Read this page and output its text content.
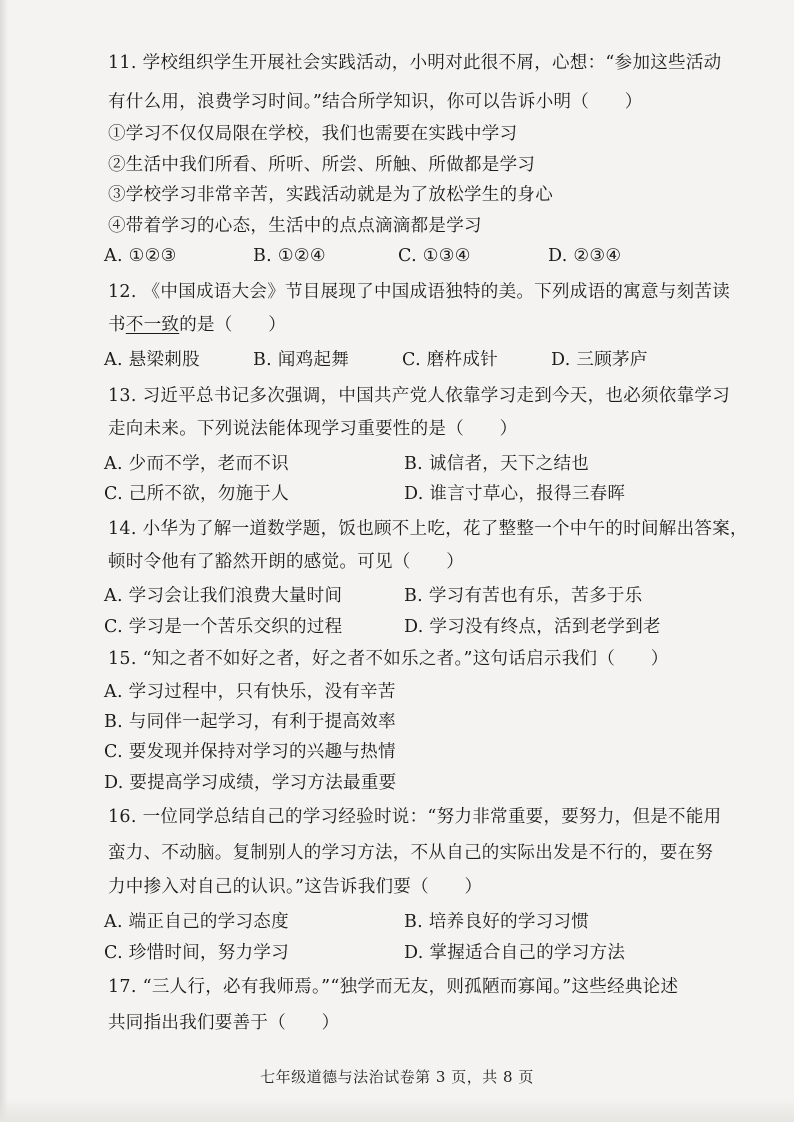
11. 学校组织学生开展社会实践活动，小明对此很不屑，心想：“参加这些活动
有什么用，浪费学习时间。”结合所学知识，你可以告诉小明（　　）
①学习不仅仅局限在学校，我们也需要在实践中学习
②生活中我们所看、所听、所尝、所触、所做都是学习
③学校学习非常辛苦，实践活动就是为了放松学生的身心
④带着学习的心态，生活中的点点滴滴都是学习
A. ①②③	B. ①②④	C. ①③④	D. ②③④
12. 《中国成语大会》节目展现了中国成语独特的美。下列成语的寓意与刻苦读
书不一致的是（　　）
A. 悬梁刺股	B. 闻鸡起舞	C. 磨杵成针	D. 三顾茅庐
13. 习近平总书记多次强调，中国共产党人依靠学习走到今天，也必须依靠学习
走向未来。下列说法能体现学习重要性的是（　　）
A. 少而不学，老而不识	B. 诚信者，天下之结也
C. 己所不欲，勿施于人	D. 谁言寸草心，报得三春晖
14. 小华为了解一道数学题，饭也顾不上吃，花了整整一个中午的时间解出答案，
顿时令他有了豁然开朗的感觉。可见（　　）
A. 学习会让我们浪费大量时间	B. 学习有苦也有乐，苦多于乐
C. 学习是一个苦乐交织的过程	D. 学习没有终点，活到老学到老
15. “知之者不如好之者，好之者不如乐之者。”这句话启示我们（　　）
A. 学习过程中，只有快乐，没有辛苦
B. 与同伴一起学习，有利于提高效率
C. 要发现并保持对学习的兴趣与热情
D. 要提高学习成绩，学习方法最重要
16. 一位同学总结自己的学习经验时说：“努力非常重要，要努力，但是不能用
蛮力、不动脑。复制别人的学习方法，不从自己的实际出发是不行的，要在努
力中掺入对自己的认识。”这告诉我们要（　　）
A. 端正自己的学习态度	B. 培养良好的学习习惯
C. 珍惜时间，努力学习	D. 掌握适合自己的学习方法
17. “三人行，必有我师焉。”“独学而无友，则孤陋而寡闻。”这些经典论述
共同指出我们要善于（　　）
七年级道德与法治试卷第 3 页，共 8 页
